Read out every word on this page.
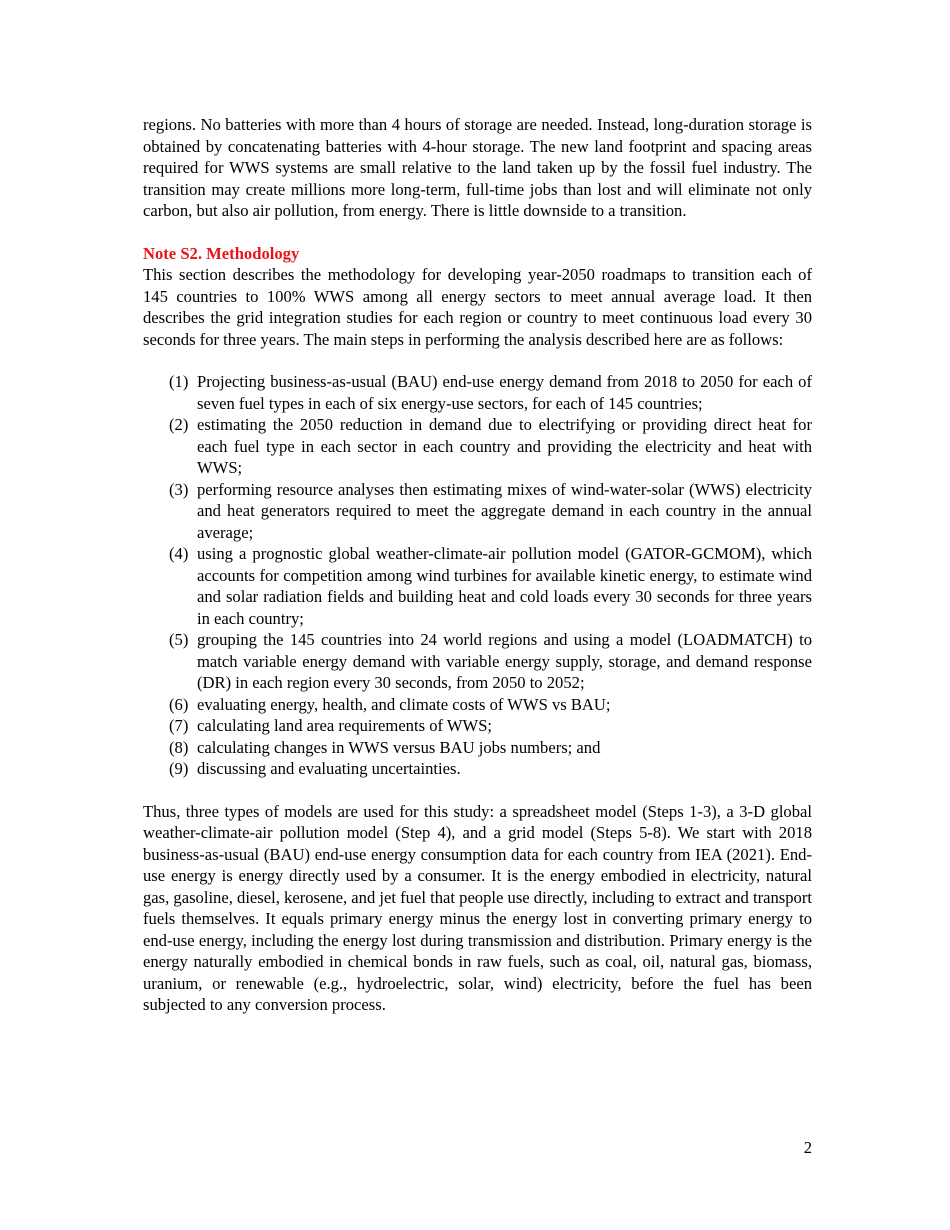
regions. No batteries with more than 4 hours of storage are needed. Instead, long-duration storage is obtained by concatenating batteries with 4-hour storage. The new land footprint and spacing areas required for WWS systems are small relative to the land taken up by the fossil fuel industry. The transition may create millions more long-term, full-time jobs than lost and will eliminate not only carbon, but also air pollution, from energy. There is little downside to a transition.

Note S2. Methodology

This section describes the methodology for developing year-2050 roadmaps to transition each of 145 countries to 100% WWS among all energy sectors to meet annual average load. It then describes the grid integration studies for each region or country to meet continuous load every 30 seconds for three years. The main steps in performing the analysis described here are as follows:

(1) Projecting business-as-usual (BAU) end-use energy demand from 2018 to 2050 for each of seven fuel types in each of six energy-use sectors, for each of 145 countries;
(2) estimating the 2050 reduction in demand due to electrifying or providing direct heat for each fuel type in each sector in each country and providing the electricity and heat with WWS;
(3) performing resource analyses then estimating mixes of wind-water-solar (WWS) electricity and heat generators required to meet the aggregate demand in each country in the annual average;
(4) using a prognostic global weather-climate-air pollution model (GATOR-GCMOM), which accounts for competition among wind turbines for available kinetic energy, to estimate wind and solar radiation fields and building heat and cold loads every 30 seconds for three years in each country;
(5) grouping the 145 countries into 24 world regions and using a model (LOADMATCH) to match variable energy demand with variable energy supply, storage, and demand response (DR) in each region every 30 seconds, from 2050 to 2052;
(6) evaluating energy, health, and climate costs of WWS vs BAU;
(7) calculating land area requirements of WWS;
(8) calculating changes in WWS versus BAU jobs numbers; and
(9) discussing and evaluating uncertainties.

Thus, three types of models are used for this study: a spreadsheet model (Steps 1-3), a 3-D global weather-climate-air pollution model (Step 4), and a grid model (Steps 5-8). We start with 2018 business-as-usual (BAU) end-use energy consumption data for each country from IEA (2021). End-use energy is energy directly used by a consumer. It is the energy embodied in electricity, natural gas, gasoline, diesel, kerosene, and jet fuel that people use directly, including to extract and transport fuels themselves. It equals primary energy minus the energy lost in converting primary energy to end-use energy, including the energy lost during transmission and distribution. Primary energy is the energy naturally embodied in chemical bonds in raw fuels, such as coal, oil, natural gas, biomass, uranium, or renewable (e.g., hydroelectric, solar, wind) electricity, before the fuel has been subjected to any conversion process.

2
